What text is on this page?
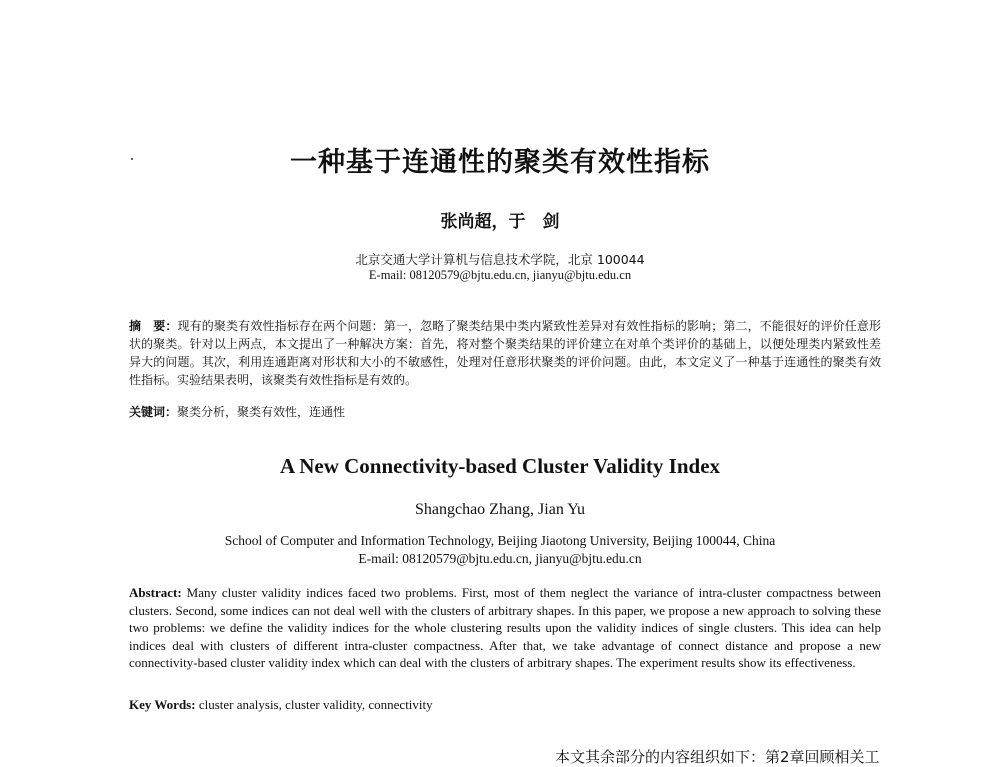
一种基于连通性的聚类有效性指标
张尚超，于　剑
北京交通大学计算机与信息技术学院，北京 100044
E-mail: 08120579@bjtu.edu.cn, jianyu@bjtu.edu.cn
摘　要：现有的聚类有效性指标存在两个问题：第一，忽略了聚类结果中类内紧致性差异对有效性指标的影响；第二，不能很好的评价任意形状的聚类。针对以上两点，本文提出了一种解决方案：首先，将对整个聚类结果的评价建立在对单个类评价的基础上，以便处理类内紧致性差异大的问题。其次，利用连通距离对形状和大小的不敏感性，处理对任意形状聚类的评价问题。由此，本文定义了一种基于连通性的聚类有效性指标。实验结果表明，该聚类有效性指标是有效的。
关键词：聚类分析，聚类有效性，连通性
A New Connectivity-based Cluster Validity Index
Shangchao Zhang, Jian Yu
School of Computer and Information Technology, Beijing Jiaotong University, Beijing 100044, China
E-mail: 08120579@bjtu.edu.cn, jianyu@bjtu.edu.cn
Abstract: Many cluster validity indices faced two problems. First, most of them neglect the variance of intra-cluster compactness between clusters. Second, some indices can not deal well with the clusters of arbitrary shapes. In this paper, we propose a new approach to solving these two problems: we define the validity indices for the whole clustering results upon the validity indices of single clusters. This idea can help indices deal with clusters of different intra-cluster compactness. After that, we take advantage of connect distance and propose a new connectivity-based cluster validity index which can deal with the clusters of arbitrary shapes. The experiment results show its effectiveness.
Key Words: cluster analysis, cluster validity, connectivity
本文其余部分的内容组织如下：第2章回顾相关工
